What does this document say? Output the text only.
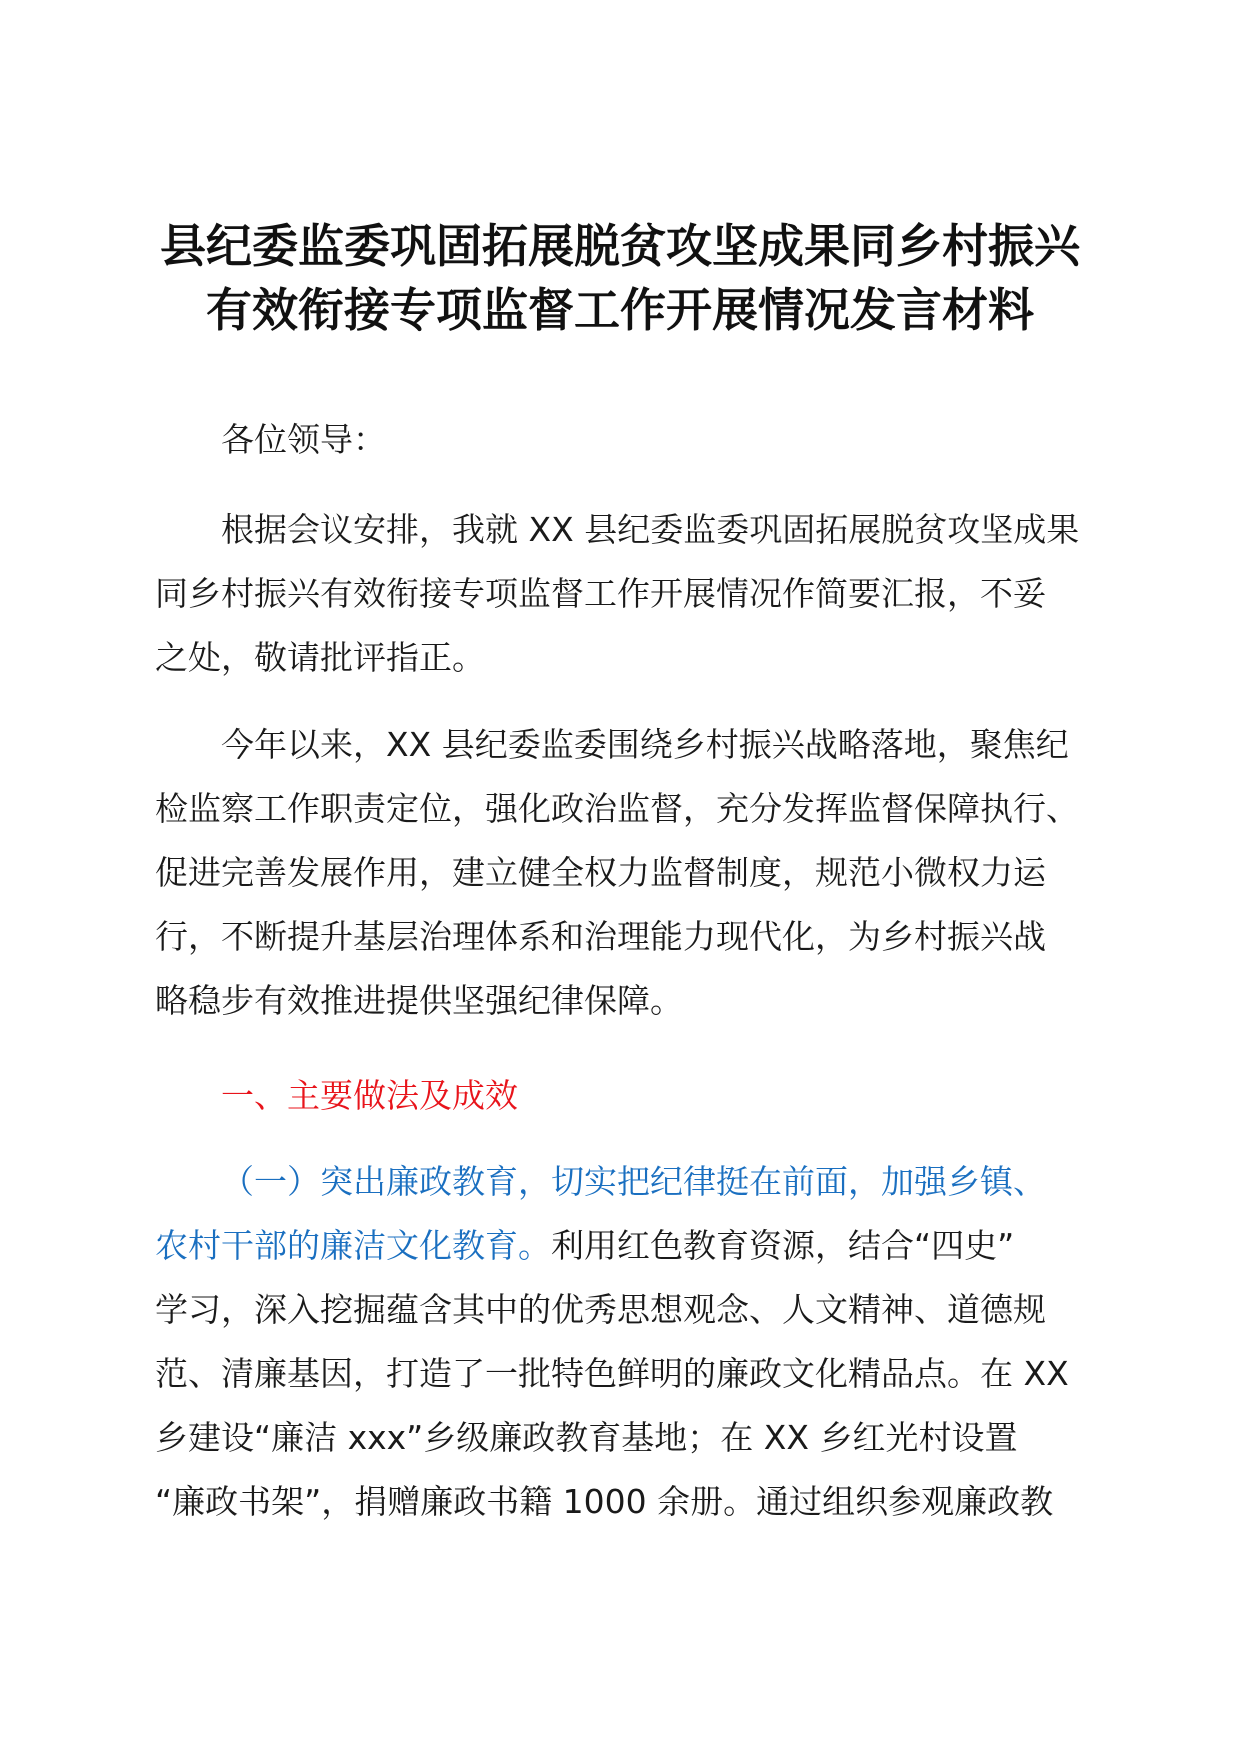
县纪委监委巩固拓展脱贫攻坚成果同乡村振兴
有效衔接专项监督工作开展情况发言材料
各位领导：
根据会议安排，我就 XX 县纪委监委巩固拓展脱贫攻坚成果
同乡村振兴有效衔接专项监督工作开展情况作简要汇报，不妥
之处，敬请批评指正。
今年以来，XX 县纪委监委围绕乡村振兴战略落地，聚焦纪
检监察工作职责定位，强化政治监督，充分发挥监督保障执行、
促进完善发展作用，建立健全权力监督制度，规范小微权力运
行，不断提升基层治理体系和治理能力现代化，为乡村振兴战
略稳步有效推进提供坚强纪律保障。
一、主要做法及成效
（一）突出廉政教育，切实把纪律挺在前面，加强乡镇、
农村干部的廉洁文化教育。利用红色教育资源，结合“四史”
学习，深入挖掘蕴含其中的优秀思想观念、人文精神、道德规
范、清廉基因，打造了一批特色鲜明的廉政文化精品点。在 XX
乡建设“廉洁 xxx”乡级廉政教育基地；在 XX 乡红光村设置
“廉政书架”，捐赠廉政书籍 1000 余册。通过组织参观廉政教
